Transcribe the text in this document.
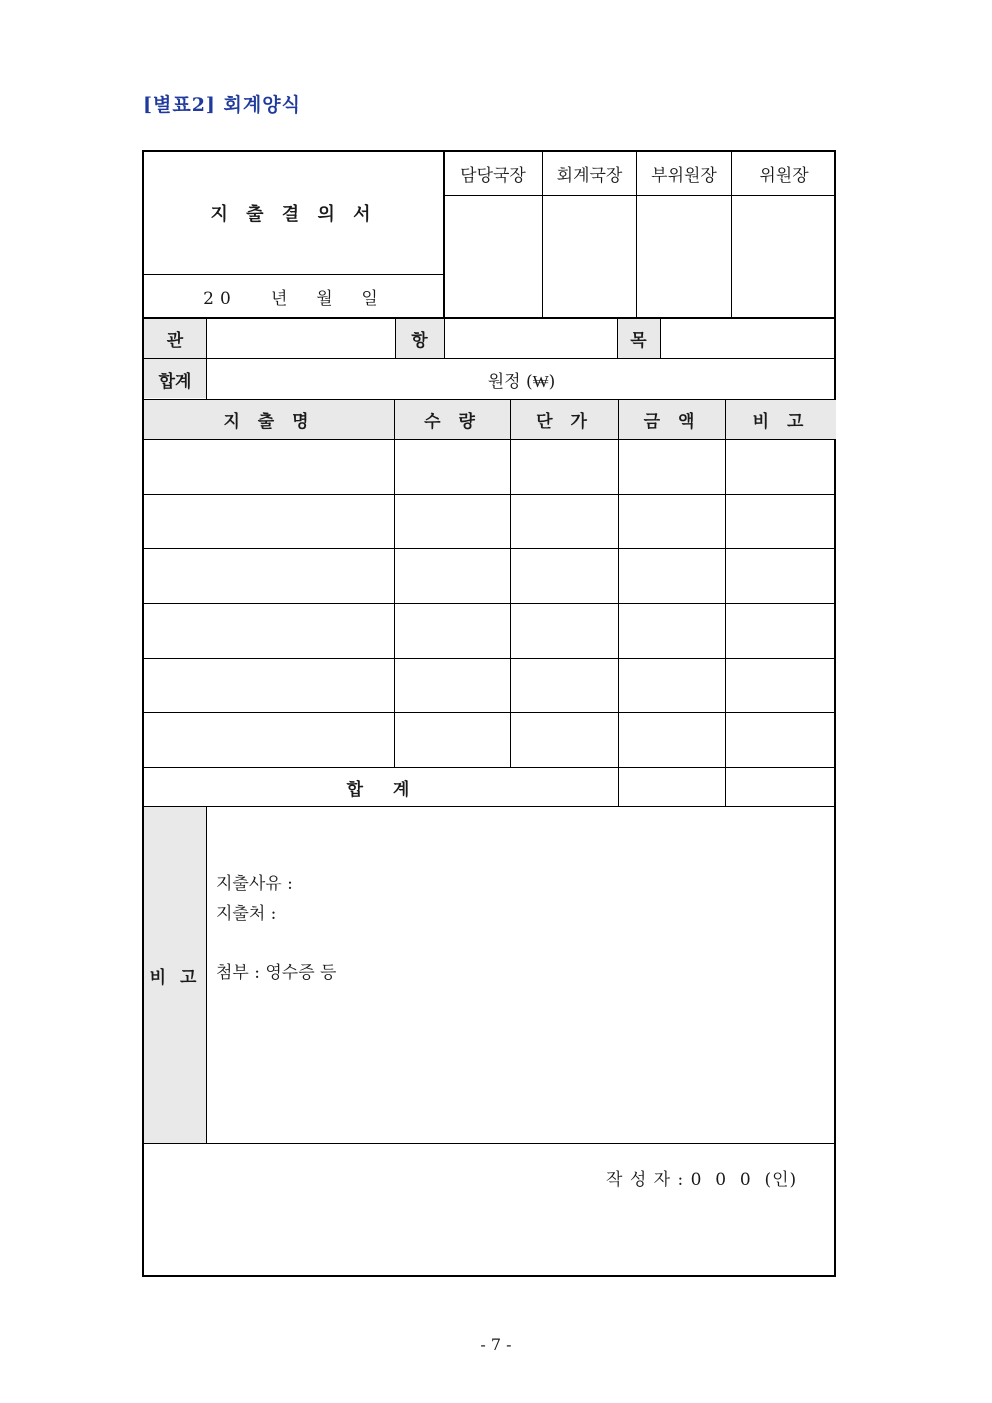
[별표2] 회계양식
지 출 결 의 서
20   년  월  일
담당국장	회계국장	부위원장	위원장
관	항	목
합계	원정 (₩)
지 출 명	수 량	단 가	금 액	비 고
합  계
비 고
지출사유 :
지출처 :
첨부 : 영수증 등
작 성 자 : 0  0  0  (인)
- 7 -
